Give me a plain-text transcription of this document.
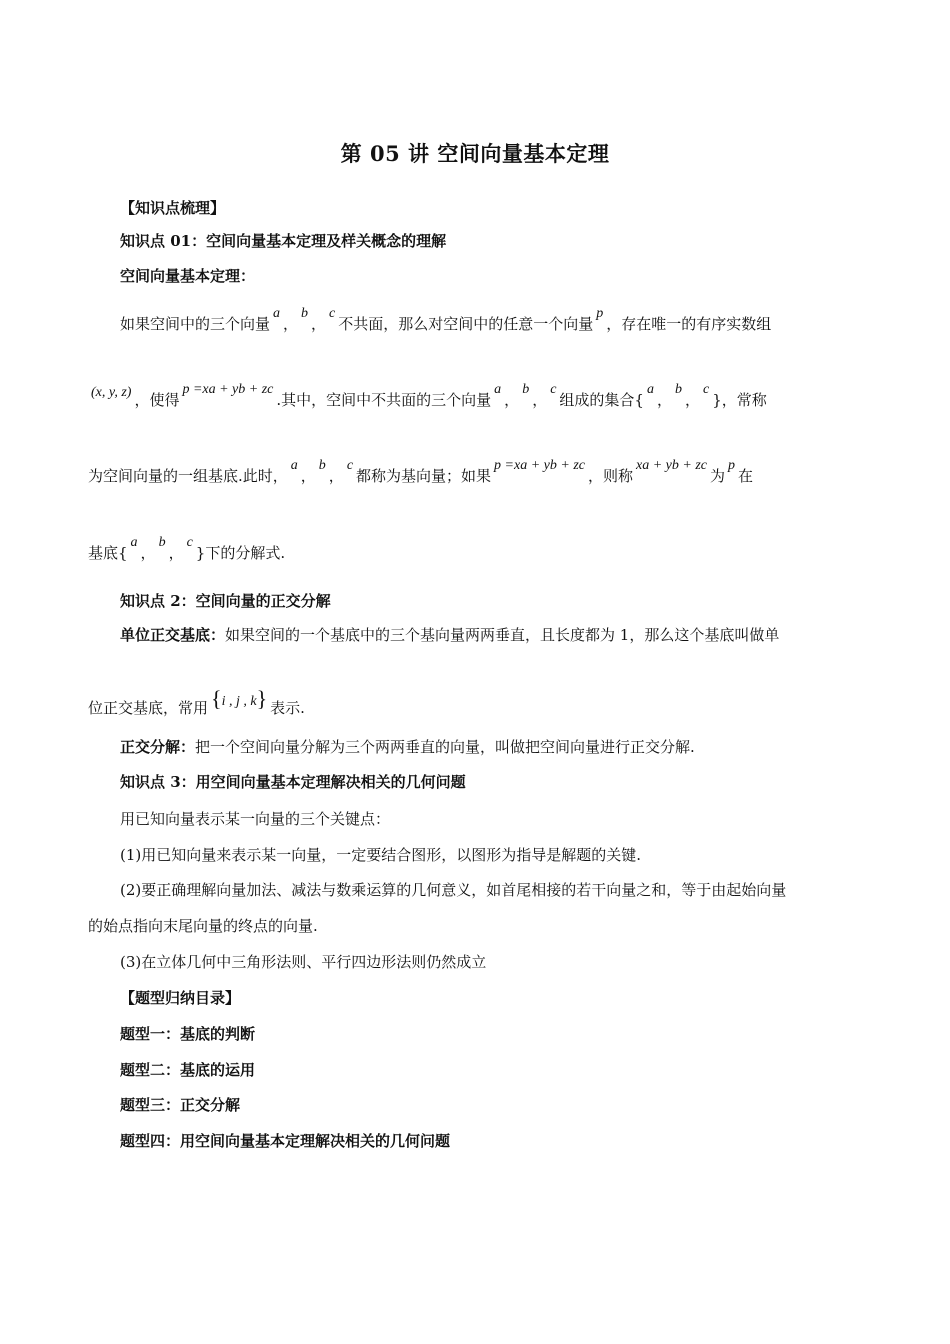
第 05 讲 空间向量基本定理
【知识点梳理】
知识点 01：空间向量基本定理及样关概念的理解
空间向量基本定理：
如果空间中的三个向量a，b，c不共面，那么对空间中的任意一个向量p，存在唯一的有序实数组
(x, y, z) ，使得p =xa + yb + zc.其中，空间中不共面的三个向量a，b，c组成的集合{a，b，c}，常称
为空间向量的一组基底.此时，a，b，c都称为基向量；如果p =xa + yb + zc，则称xa + yb + zc为p在
基底{a，b，c}下的分解式.
知识点 2：空间向量的正交分解
单位正交基底：如果空间的一个基底中的三个基向量两两垂直，且长度都为 1，那么这个基底叫做单
位正交基底，常用 {i , j , k} 表示.
正交分解：把一个空间向量分解为三个两两垂直的向量，叫做把空间向量进行正交分解.
知识点 3：用空间向量基本定理解决相关的几何问题
用已知向量表示某一向量的三个关键点：
(1)用已知向量来表示某一向量，一定要结合图形，以图形为指导是解题的关键.
(2)要正确理解向量加法、减法与数乘运算的几何意义，如首尾相接的若干向量之和，等于由起始向量
的始点指向末尾向量的终点的向量.
(3)在立体几何中三角形法则、平行四边形法则仍然成立
【题型归纳目录】
题型一：基底的判断
题型二：基底的运用
题型三：正交分解
题型四：用空间向量基本定理解决相关的几何问题
